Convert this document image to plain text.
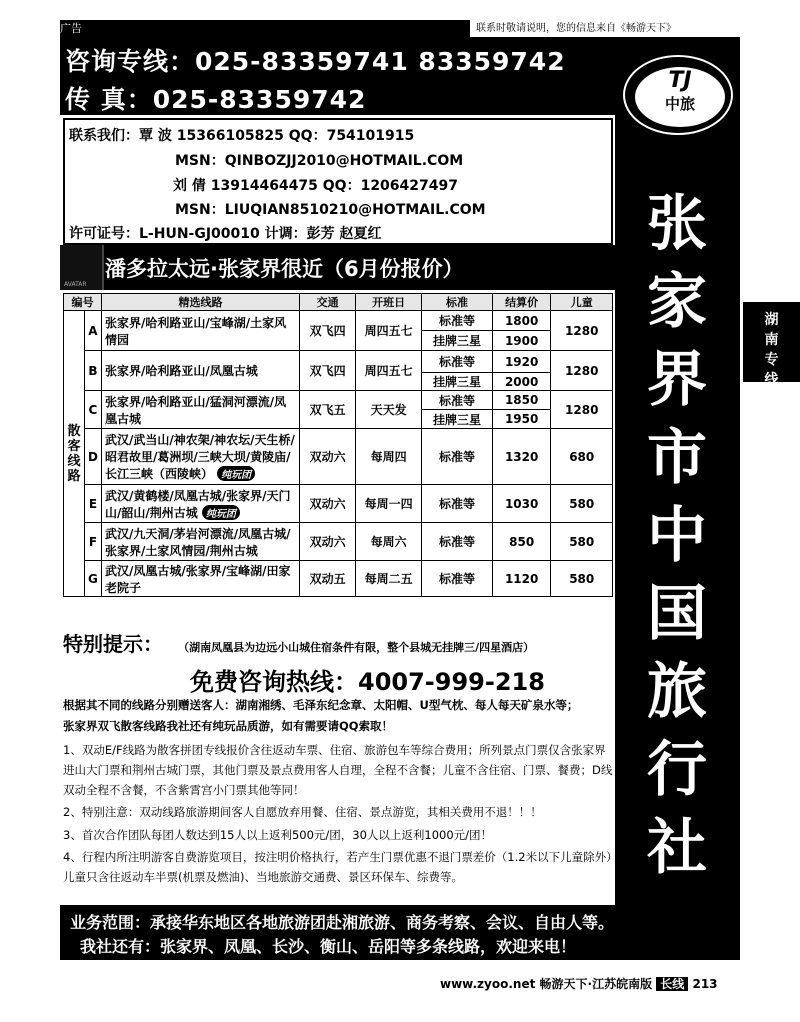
广告	联系时敬请说明，您的信息来自《畅游天下》
咨询专线：025-83359741 83359742
传 真：025-83359742
TJ
中旅
张
家
界
市
中
国
旅
行
社
湖
南
专
线
联系我们：覃 波 15366105825 QQ：754101915
MSN：QINBOZJJ2010@HOTMAIL.COM
刘 倩 13914464475 QQ：1206427497
MSN：LIUQIAN8510210@HOTMAIL.COM
许可证号：L-HUN-GJ00010 计调：彭芳 赵夏红
AVATAR
潘多拉太远·张家界很近（6月份报价）
编号		精选线路	交通	开班日	标准	结算价	儿童

散
客
线
路	A	张家界/哈利路亚山/宝峰湖/土家风情园	双飞四	周四五七	标准等	1800	1280
					挂牌三星	1900	
	B	张家界/哈利路亚山/凤凰古城	双飞四	周四五七	标准等	1920	1280
					挂牌三星	2000	
	C	张家界/哈利路亚山/猛洞河漂流/凤凰古城	双飞五	天天发	标准等	1850	1280
					挂牌三星	1950	
	D	武汉/武当山/神农架/神农坛/天生桥/昭君故里/葛洲坝/三峡大坝/黄陵庙/长江三峡（西陵峡） 纯玩团	双动六	每周四	标准等	1320	680
	E	武汉/黄鹤楼/凤凰古城/张家界/天门山/韶山/荆州古城 纯玩团	双动六	每周一四	标准等	1030	580
	F	武汉/九天洞/茅岩河漂流/凤凰古城/张家界/土家风情园/荆州古城	双动六	每周六	标准等	850	580
	G	武汉/凤凰古城/张家界/宝峰湖/田家老院子	双动五	每周二五	标准等	1120	580
特别提示： （湖南凤凰县为边远小山城住宿条件有限，整个县城无挂牌三/四星酒店）
免费咨询热线：4007-999-218
根据其不同的线路分别赠送客人：湖南湘绣、毛泽东纪念章、太阳帽、U型气枕、每人每天矿泉水等；
张家界双飞散客线路我社还有纯玩品质游，如有需要请QQ索取！
1、双动E/F线路为散客拼团专线报价含往返动车票、住宿、旅游包车等综合费用；所列景点门票仅含张家界进山大门票和荆州古城门票，其他门票及景点费用客人自理，全程不含餐；儿童不含住宿、门票、餐费；D线双动全程不含餐，不含紫霄宫小门票其他等同！
2、特别注意：双动线路旅游期间客人自愿放弃用餐、住宿、景点游览，其相关费用不退！！！
3、首次合作团队每团人数达到15人以上返利500元/团，30人以上返利1000元/团！
4、行程内所注明游客自费游览项目，按注明价格执行，若产生门票优惠不退门票差价（1.2米以下儿童除外）儿童只含往返动车半票(机票及燃油)、当地旅游交通费、景区环保车、综费等。
业务范围：承接华东地区各地旅游团赴湘旅游、商务考察、会议、自由人等。
我社还有：张家界、凤凰、长沙、衡山、岳阳等多条线路，欢迎来电！
www.zyoo.net 畅游天下·江苏皖南版 长线 213
